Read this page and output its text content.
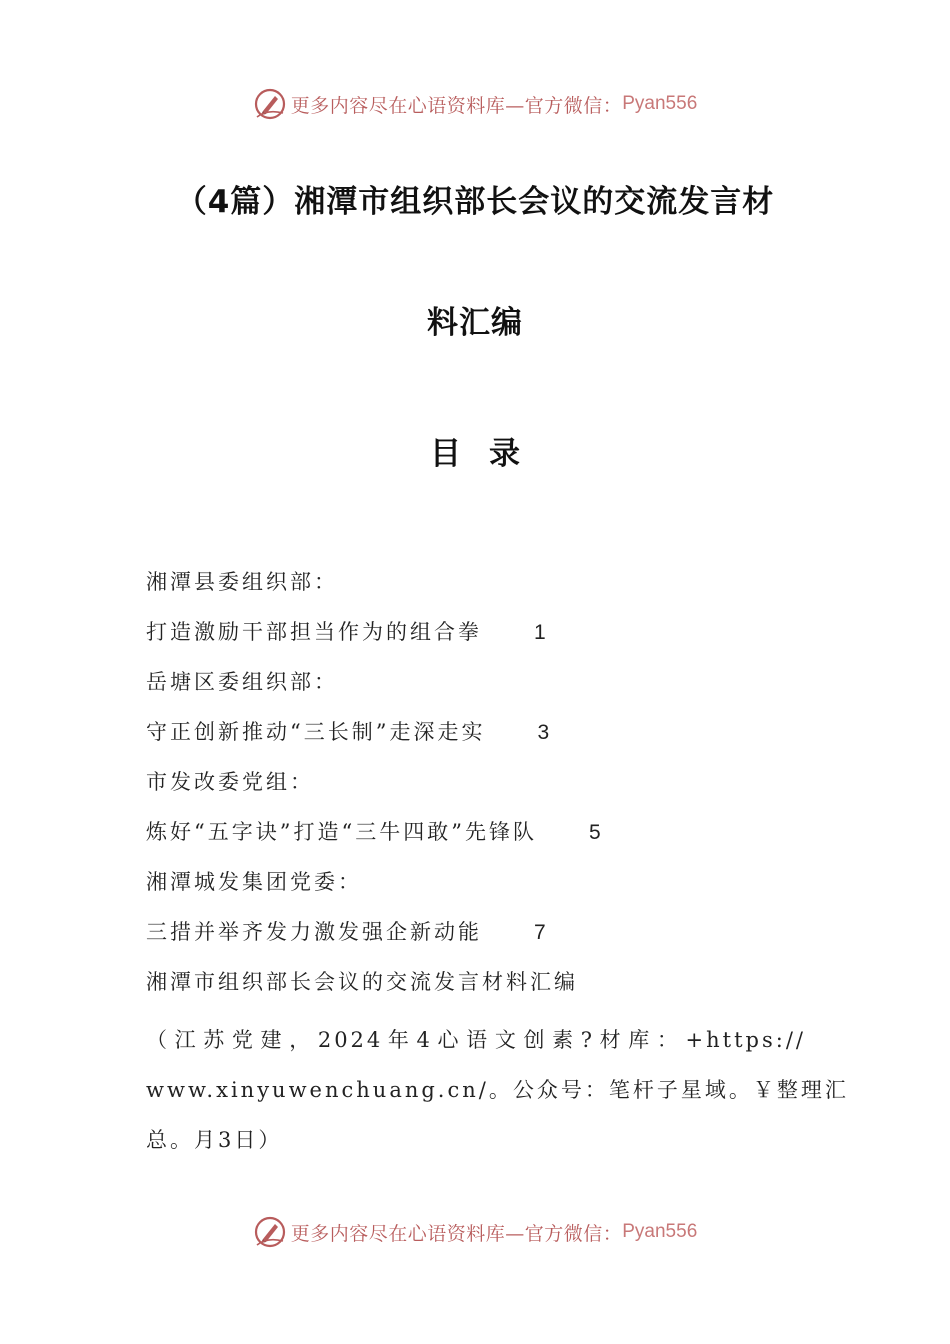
更多内容尽在心语资料库—官方微信： Pyan556
（4篇）湘潭市组织部长会议的交流发言材
料汇编
目录
湘潭县委组织部：
打造激励干部担当作为的组合拳 1
岳塘区委组织部：
守正创新推动“三长制”走深走实 3
市发改委党组：
炼好“五字诀”打造“三牛四敢”先锋队 5
湘潭城发集团党委：
三措并举齐发力激发强企新动能 7
湘潭市组织部长会议的交流发言材料汇编
（江苏党建，2024年4心语文创素?材库：+https://
www.xinyuwenchuang.cn/。公众号：笔杆子星域。￥整理汇
总。月3日）
更多内容尽在心语资料库—官方微信： Pyan556
